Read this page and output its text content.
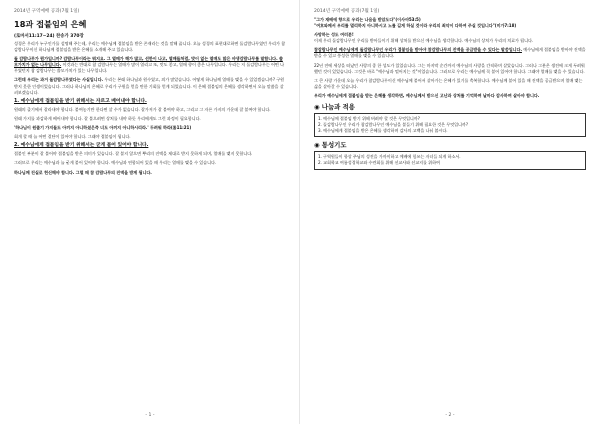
2014년 구역예배 공과(7월 1일)
18과 접붙임의 은혜
(로마서11:17~24) 찬송가 370장
성경은 우리가 누구인가를 설명해 주는데, 우리는 예수님께 접붙임을 받은 존재라는 것을 말해 줍니다. 오늘 성경의 표현대로하면 돌감람나무였던 우리가 참 감람나무이신 하나님께 접붙임을 받은 은혜를 소개해 주고 있습니다.
돌 감람나무가 뭔가입니까? 감람나무이라는 뭐지요. 그 열매가 해가 많고, 선한이 나고, 열매들처럼, 맛이 없는 열매도 많은 야생감람나무를 말합니다. 쓸모가치가 없는 나무입니다. 이것과는 반대로 참 감람나무는 열매가 많이 열리고 또, 맛도 좋고, 열매 향이 좋은 나무입니다. 우리는 저 돌감람나무는 어떤 나무였던지 참 감람나무는 쓸모가치가 있는 나무입니다.
그런데 우리는 과거 돌감람나무였다는 사실입니다. 우리는 본래 하나님과 원수였고, 죄가 많았습니다. 어떻게 하나님께 열매를 맺을 수 있었겠습니까? 구원받지 못한 인생이었습니다. 그러나 하나님의 은혜로 우리가 구원을 얻을 만한 기회를 얻게 되었습니다. 이 은혜 접붙임의 은혜를 생각하면서 오늘 말씀을 살펴보겠습니다.
1. 예수님에게 접붙임을 받기 위해서는 자르고 베어내야 합니다.
원래의 줄기에서 잘라내야 합니다. 붙여놓기만 한다면 살 수가 없습니다. 잘가져가 잘 붙여야 하고, 그리고 그 자른 가지의 가운데 잘 붙여야 합니다.
원래 가지를 과감하게 베어내야 합니다. 잘 붙으려면 상처를 내야 하듯 우리에게도 그런 과정이 필요합니다.
'하나님이 원줄기 가지들도 아끼지 아니하셨은즉 너도 아끼지 아니하시리라.' 두려워 하라(롬11:21)
회개 할 때 늘 어떤 결단이 있어야 합니다. 그래야 접붙임이 됩니다.
2. 예수님에게 접붙임을 받기 위해서는 굳게 붙어 있어야 합니다.
접붙인 부분이 잘 붙어야 접붙임을 받은 의미가 있습니다. 잘 붙지 않으면 뿌리의 진액을 제대로 받지 못하게 되며, 열매를 맺지 못합니다.
그러므로 우리는 예수님과 늘 굳게 붙어 있어야 합니다. 예수님과 연합되어 있을 때 우리는 열매를 맺을 수 있습니다.
하나님께 진실로 헌신해야 합니다. 그럴 때 참 감람나무의 진액을 받게 됩니다.
- 1 -
2014년 구역예배 공과(7월 1일)
"그가 재배에 향으로 우리는 나음을 받았도다"(이사야53:5)
"여호와께서 우리를 멀리하지 아니하시고 노를 길게 하실 것이라 우리의 죄악이 다하여 주실 것입니다"(미가7:18)
사망하는 성도 여러분!
이제 우리 돌감람나무인 우리를 받아들이기 위해 상처를 받으신 예수님을 생각합니다. 예수님의 상처가 우리의 치료가 됩니다.
참감람나무인 예수님에게 돌감람나무인 우리가 접붙임을 받아야 참감람나무의 진액을 공급받을 수 있다는 말씀입니다. 예수님에게 접붙임을 받아야 진액을 받을 수 있고 풍성한 열매를 맺을 수 있습니다.
22년 전에 세상을 떠났던 사랑의 종 한 성도가 있었습니다. 그는 마지막 순간까지 예수님의 사랑을 간직하며 살았습니다. 그러나 그분은 생전에 크게 두려워 했던 것이 있었습니다. 그것은 바로 "예수님과 떨어지는 것"이었습니다. 그러므로 우리는 예수님께 꼭 붙어 있어야 합니다. 그래야 열매를 맺을 수 있습니다.
그 큰 사랑 가운데 오늘 우리가 참감람나무이신 예수님께 붙어서 살아가는 은혜가 있기를 축복합니다. 예수님께 붙어 있을 때 진액을 공급받으며 열매 맺는 삶을 살아갈 수 있습니다.
우리가 예수님에게 접붙임을 받는 은혜를 생각하면, 예수님께서 받으신 고난과 상처를 기억하며 날마다 감사하며 살아야 합니다.
◉ 나눔과 적용
1. 예수님께 접붙임 받기 위해 버려야 할 것은 무엇입니까?
2. 돌감람나무인 우리가 참감람나무인 예수님을 붙들기 위해 필요한 것은 무엇입니까?
3. 예수님에게 접붙임을 받은 은혜를 생각하며 감사의 고백을 나눠 봅시다.
◉ 통성기도
1. 구역원들이 항상 주님의 성전을 가까이하고 예배에 힘쓰는 자녀들 되게 하소서.
2. 교회학교 여름성경학교와 수련회를 위해 선교사와 선교지를 위하여
- 2 -
